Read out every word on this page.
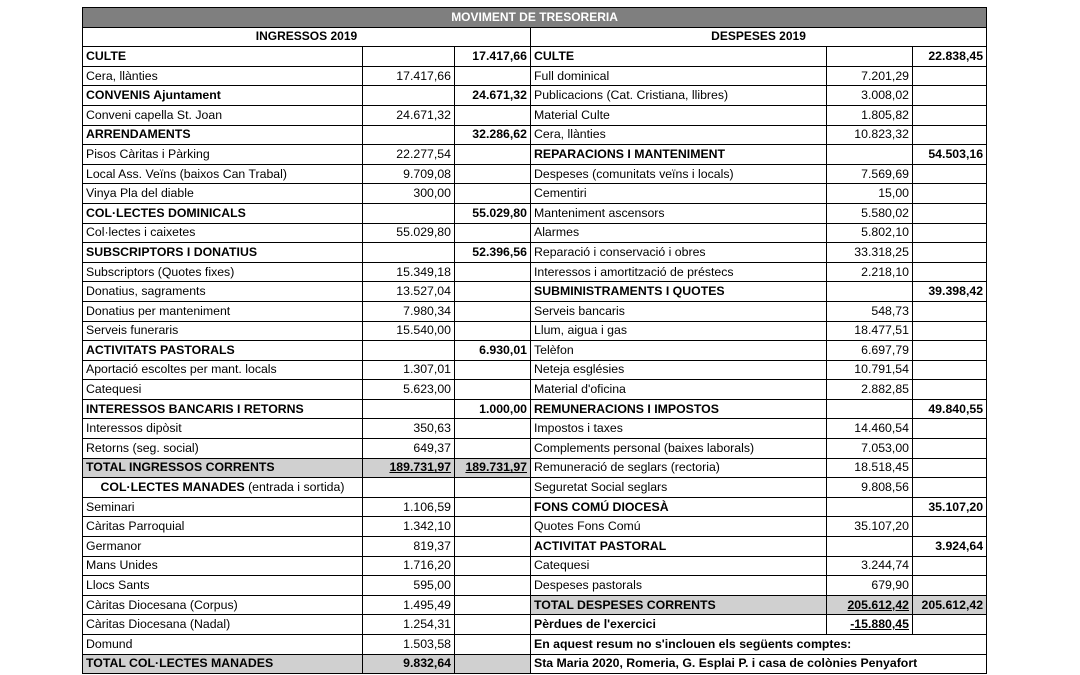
MOVIMENT DE TRESORERIA					
INGRESSOS 2019			DESPESES 2019		
CULTE		17.417,66	CULTE		22.838,45
Cera, llànties	17.417,66		Full dominical	7.201,29	
CONVENIS Ajuntament		24.671,32	Publicacions (Cat. Cristiana, llibres)	3.008,02	
Conveni capella St. Joan	24.671,32		Material Culte	1.805,82	
ARRENDAMENTS		32.286,62	Cera, llànties	10.823,32	
Pisos Càritas i Pàrking	22.277,54		REPARACIONS I MANTENIMENT		54.503,16
Local Ass. Veïns (baixos Can Trabal)	9.709,08		Despeses (comunitats veïns i locals)	7.569,69	
Vinya Pla del diable	300,00		Cementiri	15,00	
COL·LECTES DOMINICALS		55.029,80	Manteniment ascensors	5.580,02	
Col·lectes i caixetes	55.029,80		Alarmes	5.802,10	
SUBSCRIPTORS I DONATIUS		52.396,56	Reparació i conservació i obres	33.318,25	
Subscriptors (Quotes fixes)	15.349,18		Interessos i amortització de préstecs	2.218,10	
Donatius, sagraments	13.527,04		SUBMINISTRAMENTS I QUOTES		39.398,42
Donatius per manteniment	7.980,34		Serveis bancaris	548,73	
Serveis funeraris	15.540,00		Llum, aigua i gas	18.477,51	
ACTIVITATS PASTORALS		6.930,01	Telèfon	6.697,79	
Aportació escoltes per mant. locals	1.307,01		Neteja esglésies	10.791,54	
Catequesi	5.623,00		Material d'oficina	2.882,85	
INTERESSOS BANCARIS I RETORNS		1.000,00	REMUNERACIONS I IMPOSTOS		49.840,55
Interessos dipòsit	350,63		Impostos i taxes	14.460,54	
Retorns (seg. social)	649,37		Complements personal (baixes laborals)	7.053,00	
TOTAL INGRESSOS CORRENTS	189.731,97	189.731,97	Remuneració de seglars (rectoria)	18.518,45	
COL·LECTES MANADES (entrada i sortida)			Seguretat Social seglars	9.808,56	
Seminari	1.106,59		FONS COMÚ DIOCESÀ		35.107,20
Càritas Parroquial	1.342,10		Quotes Fons Comú	35.107,20	
Germanor	819,37		ACTIVITAT PASTORAL		3.924,64
Mans Unides	1.716,20		Catequesi	3.244,74	
Llocs Sants	595,00		Despeses pastorals	679,90	
Càritas Diocesana (Corpus)	1.495,49		TOTAL DESPESES CORRENTS	205.612,42	205.612,42
Càritas Diocesana (Nadal)	1.254,31		Pèrdues de l'exercici	-15.880,45	
Domund	1.503,58		En aquest resum no s'inclouen els següents comptes:		
TOTAL COL·LECTES MANADES	9.832,64		Sta Maria 2020, Romeria, G. Esplai P. i casa de colònies Penyafort		
